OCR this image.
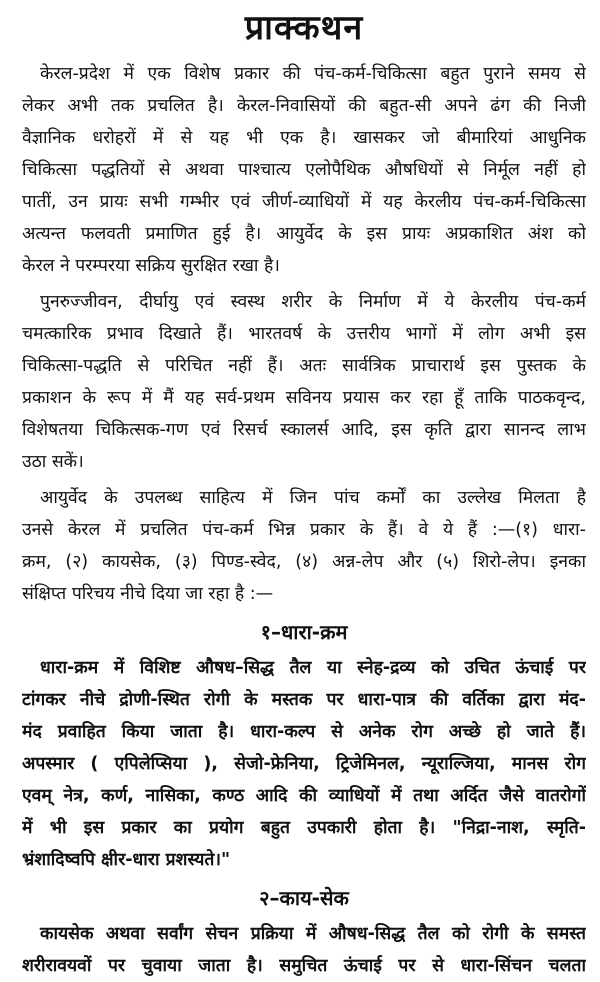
प्राक्कथन
केरल-प्रदेश में एक विशेष प्रकार की पंच-कर्म-चिकित्सा बहुत पुराने समय से
लेकर अभी तक प्रचलित है। केरल-निवासियों की बहुत-सी अपने ढंग की निजी
वैज्ञानिक धरोहरों में से यह भी एक है। खासकर जो बीमारियां आधुनिक
चिकित्सा पद्धतियों से अथवा पाश्चात्य एलोपैथिक औषधियों से निर्मूल नहीं हो
पातीं, उन प्रायः सभी गम्भीर एवं जीर्ण-व्याधियों में यह केरलीय पंच-कर्म-चिकित्सा
अत्यन्त फलवती प्रमाणित हुई है। आयुर्वेद के इस प्रायः अप्रकाशित अंश को
केरल ने परम्परया सक्रिय सुरक्षित रखा है।
पुनरुज्जीवन, दीर्घायु एवं स्वस्थ शरीर के निर्माण में ये केरलीय पंच-कर्म
चमत्कारिक प्रभाव दिखाते हैं। भारतवर्ष के उत्तरीय भागों में लोग अभी इस
चिकित्सा-पद्धति से परिचित नहीं हैं। अतः सार्वत्रिक प्राचारार्थ इस पुस्तक के
प्रकाशन के रूप में मैं यह सर्व-प्रथम सविनय प्रयास कर रहा हूँ ताकि पाठकवृन्द,
विशेषतया चिकित्सक-गण एवं रिसर्च स्कालर्स आदि, इस कृति द्वारा सानन्द लाभ
उठा सकें।
आयुर्वेद के उपलब्ध साहित्य में जिन पांच कर्मों का उल्लेख मिलता है
उनसे केरल में प्रचलित पंच-कर्म भिन्न प्रकार के हैं। वे ये हैं :—(१) धारा-
क्रम, (२) कायसेक, (३) पिण्ड-स्वेद, (४) अन्न-लेप और (५) शिरो-लेप। इनका
संक्षिप्त परिचय नीचे दिया जा रहा है :—
१–धारा-क्रम
धारा-क्रम में विशिष्ट औषध–सिद्ध तैल या स्नेह-द्रव्य को उचित ऊंचाई पर
टांगकर नीचे द्रोणी-स्थित रोगी के मस्तक पर धारा-पात्र की वर्तिका द्वारा मंद-
मंद प्रवाहित किया जाता है। धारा-कल्प से अनेक रोग अच्छे हो जाते हैं।
अपस्मार ( एपिलेप्सिया ), सेजो-फ्रेनिया, ट्रिजेमिनल, न्यूराल्जिया, मानस रोग
एवम् नेत्र, कर्ण, नासिका, कण्ठ आदि की व्याधियों में तथा अर्दित जैसे वातरोगों
में भी इस प्रकार का प्रयोग बहुत उपकारी होता है। "निद्रा-नाश, स्मृति-
भ्रंशादिष्वपि क्षीर-धारा प्रशस्यते।"
२–काय-सेक
कायसेक अथवा सर्वांग सेचन प्रक्रिया में औषध-सिद्ध तैल को रोगी के समस्त
शरीरावयवों पर चुवाया जाता है। समुचित ऊंचाई पर से धारा-सिंचन चलता
